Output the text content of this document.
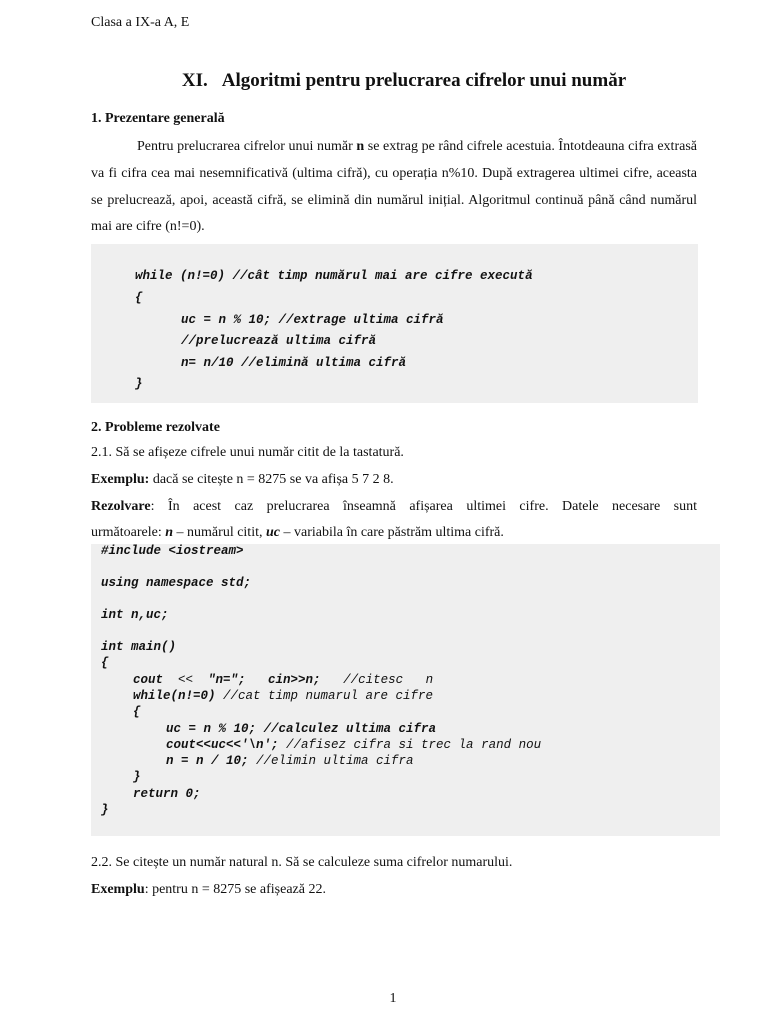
Clasa a IX-a A, E
XI. Algoritmi pentru prelucrarea cifrelor unui număr
1. Prezentare generală
Pentru prelucrarea cifrelor unui număr n se extrag pe rând cifrele acestuia. Întotdeauna cifra extrasă va fi cifra cea mai nesemnificativă (ultima cifră), cu operația n%10. După extragerea ultimei cifre, aceasta se prelucrează, apoi, această cifră, se elimină din numărul inițial. Algoritmul continuă până când numărul mai are cifre (n!=0).
while (n!=0) //cât timp numărul mai are cifre execută
{
uc = n % 10; //extrage ultima cifră
//prelucrează ultima cifră
n= n/10 //elimină ultima cifră
}
2. Probleme rezolvate
2.1. Să se afișeze cifrele unui număr citit de la tastatură.
Exemplu: dacă se citește n = 8275 se va afișa 5 7 2 8.
Rezolvare: În acest caz prelucrarea înseamnă afișarea ultimei cifre. Datele necesare sunt
următoarele: n – numărul citit, uc – variabila în care păstrăm ultima cifră.
#include <iostream>
using namespace std;
int n,uc;
int main()
{
cout  <<  "n=";   cin>>n;   //citesc   n
while(n!=0) //cat timp numarul are cifre
{
uc = n % 10; //calculez ultima cifra
cout<<uc<<'\n'; //afisez cifra si trec la rand nou
n = n / 10; //elimin ultima cifra
}
return 0;
}
2.2. Se citește un număr natural n. Să se calculeze suma cifrelor numarului.
Exemplu: pentru n = 8275 se afișează 22.
1
